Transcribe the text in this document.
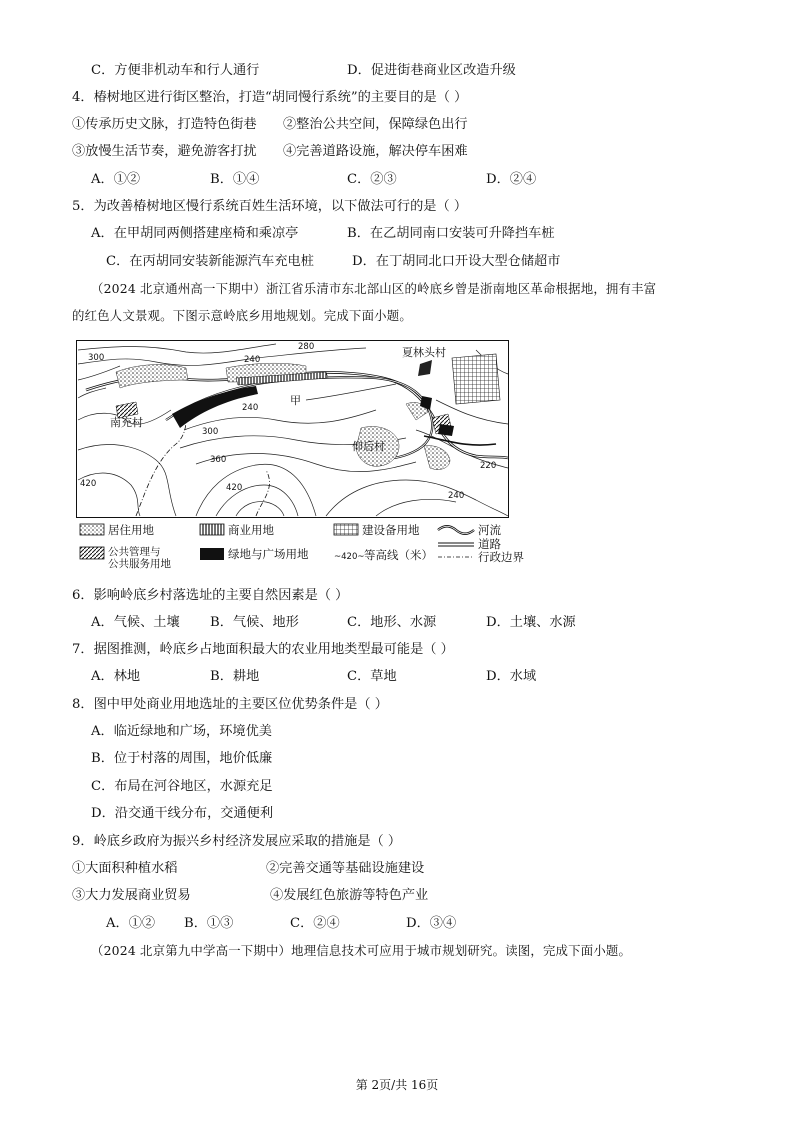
C．方便非机动车和行人通行	D．促进街巷商业区改造升级
4．椿树地区进行街区整治，打造“胡同慢行系统”的主要目的是（ ）
①传承历史文脉，打造特色街巷 ②整治公共空间，保障绿色出行
③放慢生活节奏，避免游客打扰 ④完善道路设施，解决停车困难
A．①②	B．①④	C．②③	D．②④
5．为改善椿树地区慢行系统百姓生活环境，以下做法可行的是（ ）
A．在甲胡同两侧搭建座椅和乘凉亭	B．在乙胡同南口安装可升降挡车桩
C．在丙胡同安装新能源汽车充电桩	D．在丁胡同北口开设大型仓储超市
（2024 北京通州高一下期中）浙江省乐清市东北部山区的岭底乡曾是浙南地区革命根据地，拥有丰富
的红色人文景观。下图示意岭底乡用地规划。完成下面小题。
夏林头村
南充村
仰后村
甲
300	240
280
240
300
360
420
420
220
240
居住用地	商业用地	建设备用地	河流
道路
公共管理与
公共服务用地
绿地与广场用地	~420~ 等高线（米）	行政边界
6．影响岭底乡村落选址的主要自然因素是（ ）
A．气候、土壤 B．气候、地形	C．地形、水源	D．土壤、水源
7．据图推测，岭底乡占地面积最大的农业用地类型最可能是（ ）
A．林地	B．耕地	C．草地	D．水域
8．图中甲处商业用地选址的主要区位优势条件是（ ）
A．临近绿地和广场，环境优美
B．位于村落的周围，地价低廉
C．布局在河谷地区，水源充足
D．沿交通干线分布，交通便利
9．岭底乡政府为振兴乡村经济发展应采取的措施是（ ）
①大面积种植水稻	②完善交通等基础设施建设
③大力发展商业贸易	④发展红色旅游等特色产业
A．①② B．①③	C．②④	D．③④
（2024 北京第九中学高一下期中）地理信息技术可应用于城市规划研究。读图，完成下面小题。
第 2页/共 16页
